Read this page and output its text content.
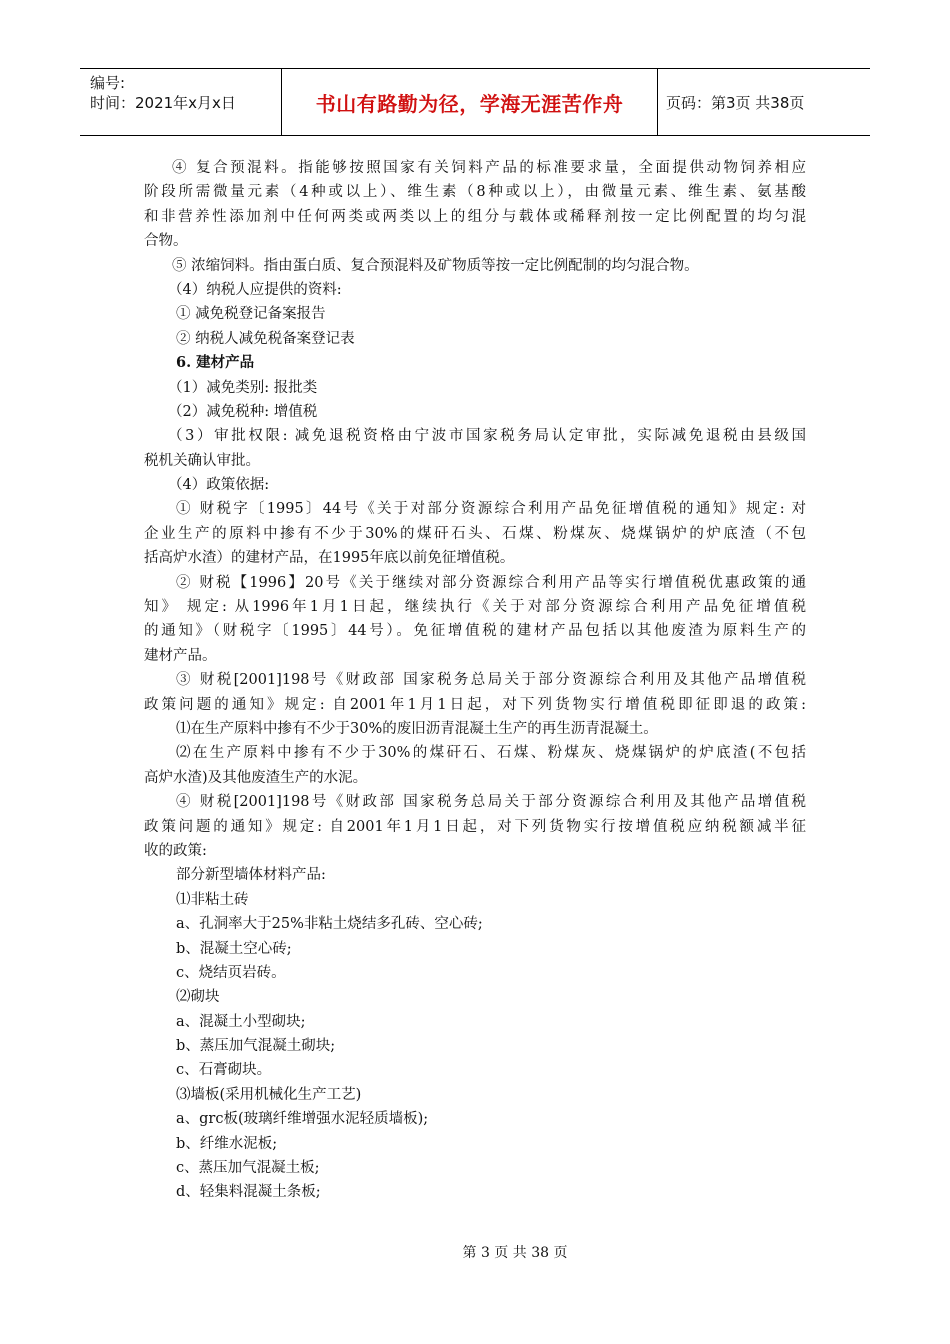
编号:
时间：2021年x月x日	书山有路勤为径，学海无涯苦作舟	页码：第3页 共38页
④ 复合预混料。指能够按照国家有关饲料产品的标准要求量，全面提供动物饲养相应
阶段所需微量元素（4种或以上）、维生素（8种或以上），由微量元素、维生素、氨基酸
和非营养性添加剂中任何两类或两类以上的组分与载体或稀释剂按一定比例配置的均匀混
合物。
⑤ 浓缩饲料。指由蛋白质、复合预混料及矿物质等按一定比例配制的均匀混合物。
（4）纳税人应提供的资料:
① 减免税登记备案报告
② 纳税人减免税备案登记表
6. 建材产品
（1）减免类别: 报批类
（2）减免税种: 增值税
（3）审批权限: 减免退税资格由宁波市国家税务局认定审批，实际减免退税由县级国
税机关确认审批。
（4）政策依据:
① 财税字〔1995〕44号《关于对部分资源综合利用产品免征增值税的通知》规定: 对
企业生产的原料中掺有不少于30%的煤矸石头、石煤、粉煤灰、烧煤锅炉的炉底渣（不包
括高炉水渣）的建材产品，在1995年底以前免征增值税。
② 财税【1996】20号《关于继续对部分资源综合利用产品等实行增值税优惠政策的通
知》 规定: 从1996年1月1日起，继续执行《关于对部分资源综合利用产品免征增值税
的通知》（财税字〔1995〕44号）。免征增值税的建材产品包括以其他废渣为原料生产的
建材产品。
③ 财税[2001]198号《财政部 国家税务总局关于部分资源综合利用及其他产品增值税
政策问题的通知》规定: 自2001年1月1日起，对下列货物实行增值税即征即退的政策:
⑴在生产原料中掺有不少于30%的废旧沥青混凝土生产的再生沥青混凝土。
⑵在生产原料中掺有不少于30%的煤矸石、石煤、粉煤灰、烧煤锅炉的炉底渣(不包括
高炉水渣)及其他废渣生产的水泥。
④ 财税[2001]198号《财政部 国家税务总局关于部分资源综合利用及其他产品增值税
政策问题的通知》规定: 自2001年1月1日起，对下列货物实行按增值税应纳税额减半征
收的政策:
部分新型墙体材料产品:
⑴非粘土砖
a、孔洞率大于25%非粘土烧结多孔砖、空心砖;
b、混凝土空心砖;
c、烧结页岩砖。
⑵砌块
a、混凝土小型砌块;
b、蒸压加气混凝土砌块;
c、石膏砌块。
⑶墙板(采用机械化生产工艺)
a、grc板(玻璃纤维增强水泥轻质墙板);
b、纤维水泥板;
c、蒸压加气混凝土板;
d、轻集料混凝土条板;
第 3 页 共 38 页
